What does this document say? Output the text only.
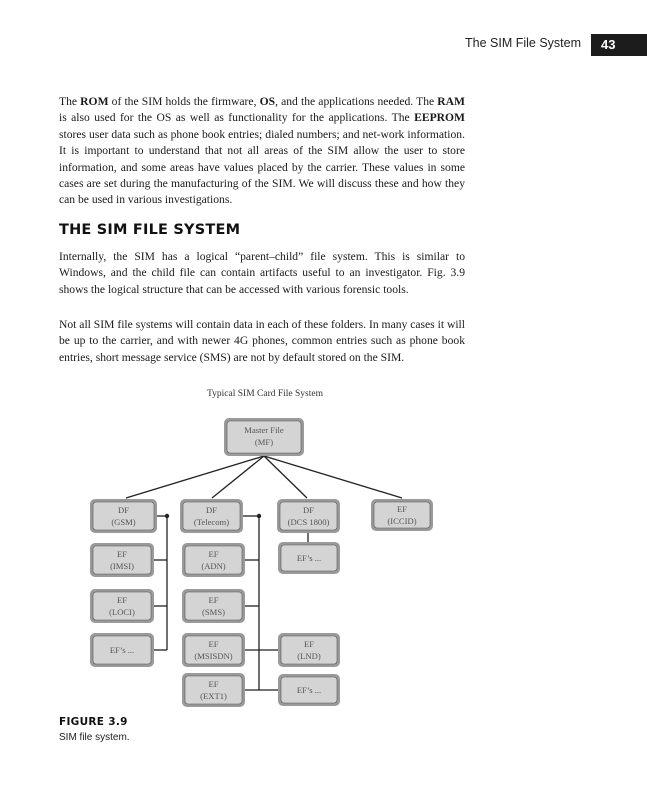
The SIM File System	43

The ROM of the SIM holds the firmware, OS, and the applications needed. The RAM is also used for the OS as well as functionality for the applications. The EEPROM stores user data such as phone book entries; dialed numbers; and net-work information. It is important to understand that not all areas of the SIM allow the user to store information, and some areas have values placed by the carrier. These values in some cases are set during the manufacturing of the SIM. We will discuss these and how they can be used in various investigations.

THE SIM FILE SYSTEM

Internally, the SIM has a logical “parent–child” file system. This is similar to Windows, and the child file can contain artifacts useful to an investigator. Fig. 3.9 shows the logical structure that can be accessed with various forensic tools.

Not all SIM file systems will contain data in each of these folders. In many cases it will be up to the carrier, and with newer 4G phones, common entries such as phone book entries, short message service (SMS) are not by default stored on the SIM.

Typical SIM Card File System
Master File
(MF)
DF
(GSM)
DF
(Telecom)
DF
(DCS 1800)
EF
(ICCID)
EF
(IMSI)
EF
(LOCI)
EF’s ...
EF
(ADN)
EF
(SMS)
EF
(MSISDN)
EF
(EXT1)
EF’s ...
EF
(LND)
EF’s ...
FIGURE 3.9
SIM file system.
